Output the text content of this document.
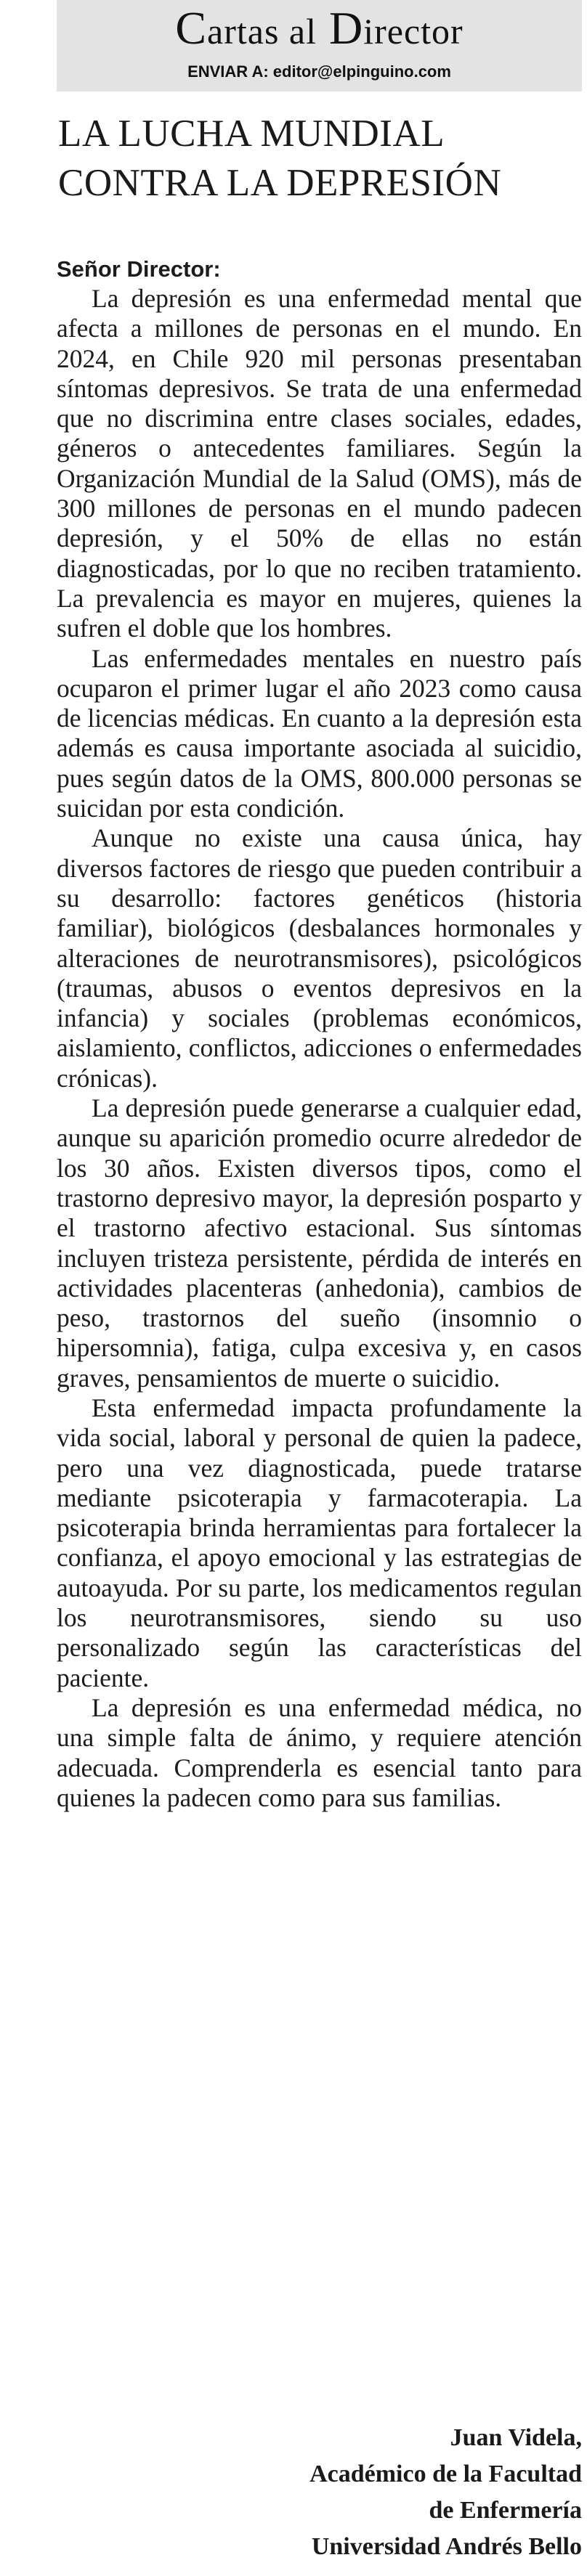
Cartas al Director
ENVIAR A: editor@elpinguino.com
LA LUCHA MUNDIAL
CONTRA LA DEPRESIÓN

Señor Director:

La depresión es una enfermedad mental que afecta a millones de personas en el mundo. En 2024, en Chile 920 mil personas presentaban síntomas depresivos. Se trata de una enfermedad que no discrimina entre clases sociales, edades, géneros o antecedentes familiares. Según la Organización Mundial de la Salud (OMS), más de 300 millones de personas en el mundo padecen depresión, y el 50% de ellas no están diagnosticadas, por lo que no reciben tratamiento. La prevalencia es mayor en mujeres, quienes la sufren el doble que los hombres.

Las enfermedades mentales en nuestro país ocuparon el primer lugar el año 2023 como causa de licencias médicas. En cuanto a la depresión esta además es causa importante asociada al suicidio, pues según datos de la OMS, 800.000 personas se suicidan por esta condición.

Aunque no existe una causa única, hay diversos factores de riesgo que pueden contribuir a su desarrollo: factores genéticos (historia familiar), biológicos (desbalances hormonales y alteraciones de neurotransmisores), psicológicos (traumas, abusos o eventos depresivos en la infancia) y sociales (problemas económicos, aislamiento, conflictos, adicciones o enfermedades crónicas).

La depresión puede generarse a cualquier edad, aunque su aparición promedio ocurre alrededor de los 30 años. Existen diversos tipos, como el trastorno depresivo mayor, la depresión posparto y el trastorno afectivo estacional. Sus síntomas incluyen tristeza persistente, pérdida de interés en actividades placenteras (anhedonia), cambios de peso, trastornos del sueño (insomnio o hipersomnia), fatiga, culpa excesiva y, en casos graves, pensamientos de muerte o suicidio.

Esta enfermedad impacta profundamente la vida social, laboral y personal de quien la padece, pero una vez diagnosticada, puede tratarse mediante psicoterapia y farmacoterapia. La psicoterapia brinda herramientas para fortalecer la confianza, el apoyo emocional y las estrategias de autoayuda. Por su parte, los medicamentos regulan los neurotransmisores, siendo su uso personalizado según las características del paciente.

La depresión es una enfermedad médica, no una simple falta de ánimo, y requiere atención adecuada. Comprenderla es esencial tanto para quienes la padecen como para sus familias.

Juan Videla,
Académico de la Facultad
de Enfermería
Universidad Andrés Bello
